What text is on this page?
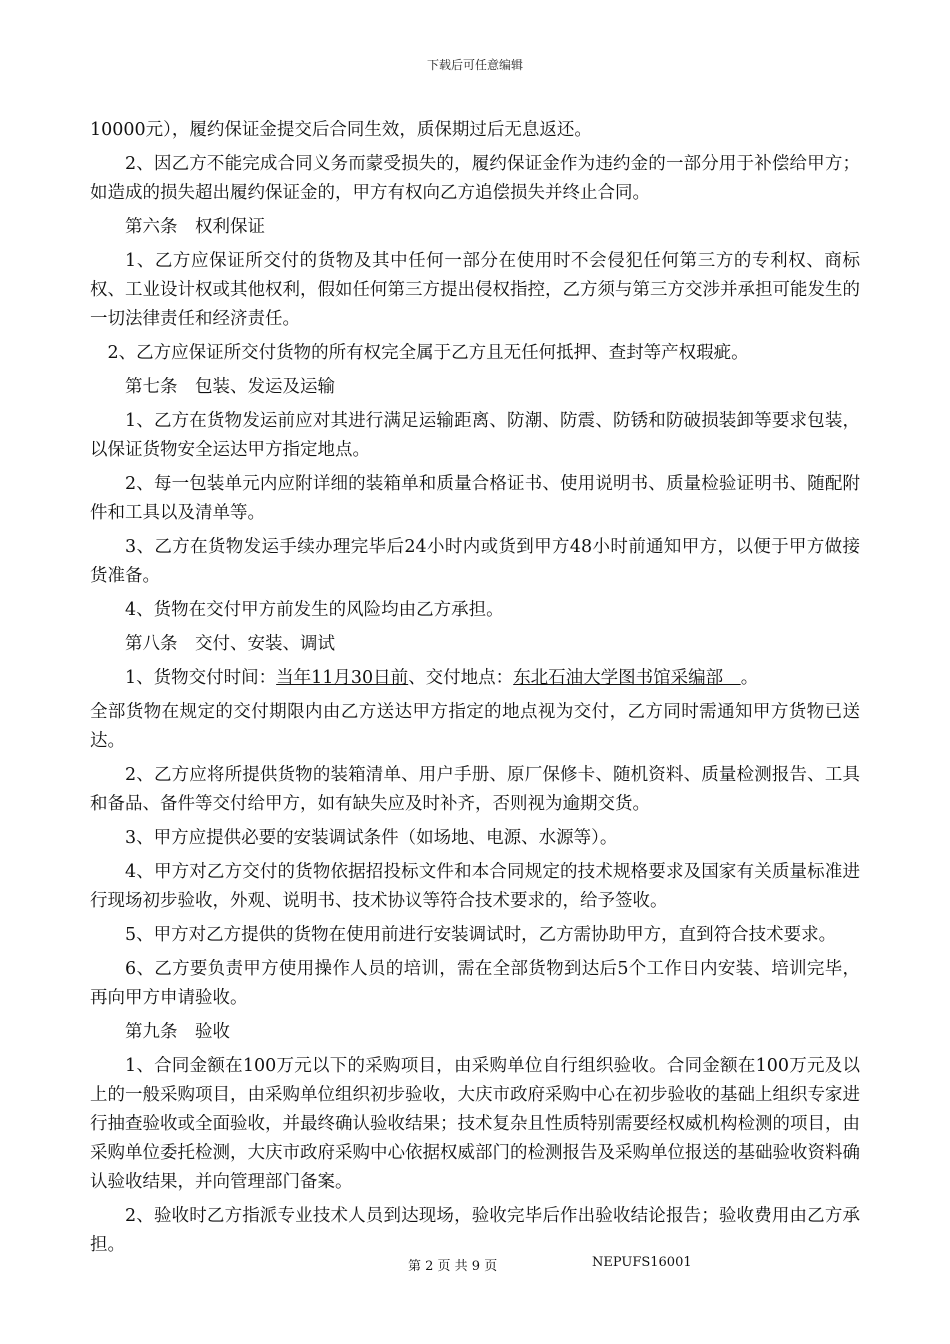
下载后可任意编辑

10000元），履约保证金提交后合同生效，质保期过后无息返还。

2、因乙方不能完成合同义务而蒙受损失的，履约保证金作为违约金的一部分用于补偿给甲方；如造成的损失超出履约保证金的，甲方有权向乙方追偿损失并终止合同。

第六条　权利保证

1、乙方应保证所交付的货物及其中任何一部分在使用时不会侵犯任何第三方的专利权、商标权、工业设计权或其他权利，假如任何第三方提出侵权指控，乙方须与第三方交涉并承担可能发生的一切法律责任和经济责任。

2、乙方应保证所交付货物的所有权完全属于乙方且无任何抵押、查封等产权瑕疵。

第七条　包装、发运及运输

1、乙方在货物发运前应对其进行满足运输距离、防潮、防震、防锈和防破损装卸等要求包装，以保证货物安全运达甲方指定地点。

2、每一包装单元内应附详细的装箱单和质量合格证书、使用说明书、质量检验证明书、随配附件和工具以及清单等。

3、乙方在货物发运手续办理完毕后24小时内或货到甲方48小时前通知甲方，以便于甲方做接货准备。

4、货物在交付甲方前发生的风险均由乙方承担。

第八条　交付、安装、调试

1、货物交付时间：当年11月30日前、交付地点：东北石油大学图书馆采编部　。

全部货物在规定的交付期限内由乙方送达甲方指定的地点视为交付，乙方同时需通知甲方货物已送达。

2、乙方应将所提供货物的装箱清单、用户手册、原厂保修卡、随机资料、质量检测报告、工具和备品、备件等交付给甲方，如有缺失应及时补齐，否则视为逾期交货。

3、甲方应提供必要的安装调试条件（如场地、电源、水源等）。

4、甲方对乙方交付的货物依据招投标文件和本合同规定的技术规格要求及国家有关质量标准进行现场初步验收，外观、说明书、技术协议等符合技术要求的，给予签收。

5、甲方对乙方提供的货物在使用前进行安装调试时，乙方需协助甲方，直到符合技术要求。

6、乙方要负责甲方使用操作人员的培训，需在全部货物到达后5个工作日内安装、培训完毕，再向甲方申请验收。

第九条　验收

1、合同金额在100万元以下的采购项目，由采购单位自行组织验收。合同金额在100万元及以上的一般采购项目，由采购单位组织初步验收，大庆市政府采购中心在初步验收的基础上组织专家进行抽查验收或全面验收，并最终确认验收结果；技术复杂且性质特别需要经权威机构检测的项目，由采购单位委托检测，大庆市政府采购中心依据权威部门的检测报告及采购单位报送的基础验收资料确认验收结果，并向管理部门备案。

2、验收时乙方指派专业技术人员到达现场，验收完毕后作出验收结论报告；验收费用由乙方承担。

第 2 页 共 9 页	NEPUFS16001
